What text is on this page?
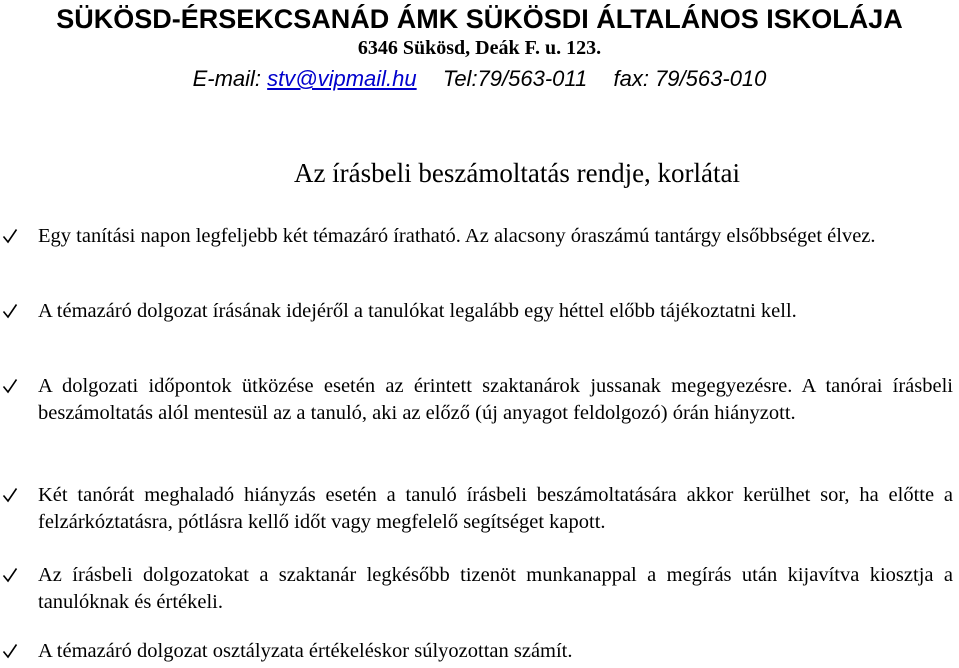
SÜKÖSD-ÉRSEKCSANÁD ÁMK SÜKÖSDI ÁLTALÁNOS ISKOLÁJA
6346 Sükösd, Deák F. u. 123.
E-mail: stv@vipmail.hu Tel:79/563-011 fax: 79/563-010
Az írásbeli beszámoltatás rendje, korlátai
Egy tanítási napon legfeljebb két témazáró íratható. Az alacsony óraszámú tantárgy elsőbbséget élvez.
A témazáró dolgozat írásának idejéről a tanulókat legalább egy héttel előbb tájékoztatni kell.
A dolgozati időpontok ütközése esetén az érintett szaktanárok jussanak megegyezésre. A tanórai írásbeli beszámoltatás alól mentesül az a tanuló, aki az előző (új anyagot feldolgozó) órán hiányzott.
Két tanórát meghaladó hiányzás esetén a tanuló írásbeli beszámoltatására akkor kerülhet sor, ha előtte a felzárkóztatásra, pótlásra kellő időt vagy megfelelő segítséget kapott.
Az írásbeli dolgozatokat a szaktanár legkésőbb tizenöt munkanappal a megírás után kijavítva kiosztja a tanulóknak és értékeli.
A témazáró dolgozat osztályzata értékeléskor súlyozottan számít.
